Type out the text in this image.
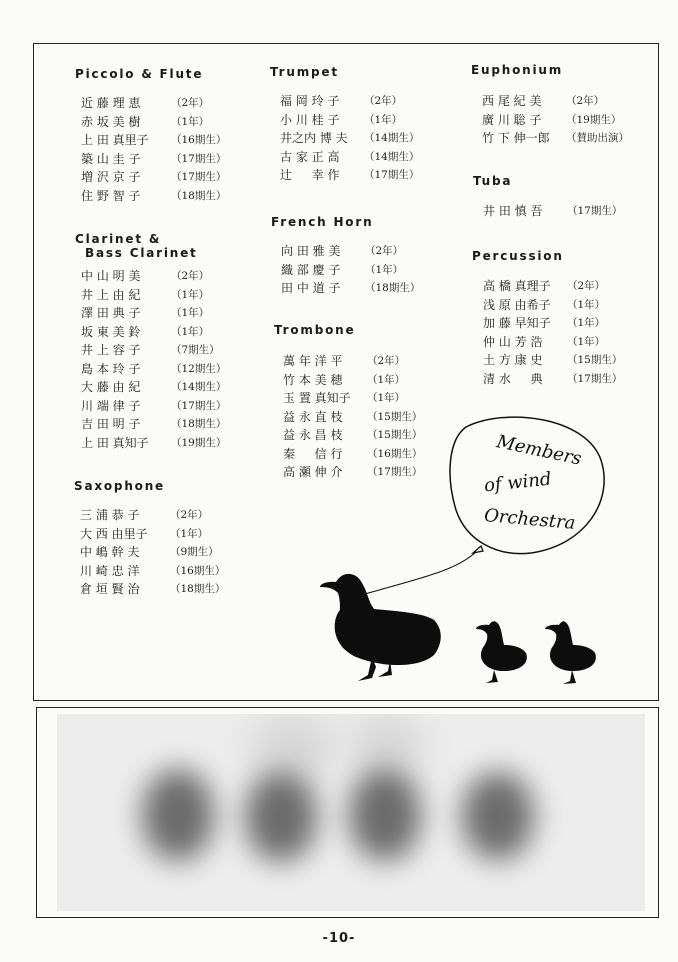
Piccolo & Flute
近 藤 理 恵	（2年）
赤 坂 美 樹	（1年）
上 田 真里子 （16期生）
築 山 圭 子	（17期生）
増 沢 京 子	（17期生）
住 野 智 子	（18期生）
Clarinet &
Bass Clarinet
中 山 明 美	（2年）
井 上 由 紀	（1年）
澤 田 典 子	（1年）
坂 東 美 鈴	（1年）
井 上 容 子	（7期生）
島 本 玲 子	（12期生）
大 藤 由 紀	（14期生）
川 端 律 子	（17期生）
吉 田 明 子	（18期生）
上 田 真知子 （19期生）
Saxophone
三 浦 恭 子	（2年）
大 西 由里子 （1年）
中 嶋 幹 夫	（9期生）
川 崎 忠 洋	（16期生）
倉 垣 賢 治	（18期生）
Trumpet
福 岡 玲 子 （2年）
小 川 桂 子 （1年）
井之内 博 夫 （14期生）
古 家 正 高 （14期生）
辻 　 幸 作 （17期生）
French Horn
向 田 雅 美 （2年）
織 部 慶 子 （1年）
田 中 道 子 （18期生）
Trombone
萬 年 洋 平 （2年）
竹 本 美 穂 （1年）
玉 置 真知子 （1年）
益 永 直 枝 （15期生）
益 永 昌 枝 （15期生）
秦 　 信 行 （16期生）
高 瀬 伸 介 （17期生）
Euphonium
西 尾 紀 美 （2年）
廣 川 聡 子 （19期生）
竹 下 伸一郎 （賛助出演）
Tuba
井 田 慎 吾 （17期生）
Percussion
高 橋 真理子 （2年）
浅 原 由希子 （1年）
加 藤 早知子 （1年）
仲 山 芳 浩 （1年）
土 方 康 史 （15期生）
清 水 　 典 （17期生）
Members
of wind
Orchestra
-10-
